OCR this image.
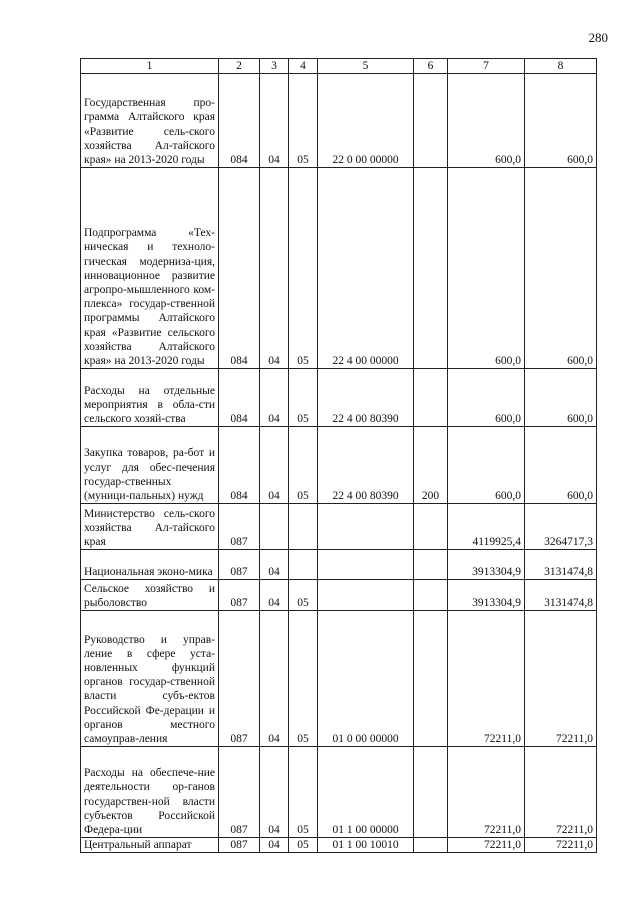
280
1	2	3	4	5	6	7	8
Государственная про-грамма Алтайского края «Развитие сель-ского хозяйства Ал-тайского края» на 2013-2020 годы	084	04	05	22 0 00 00000		600,0	600,0
Подпрограмма «Тех-ническая и техноло-гическая модерниза-ция, инновационное развитие агропро-мышленного ком-плекса» государ-ственной программы Алтайского края «Развитие сельского хозяйства Алтайского края» на 2013-2020 годы	084	04	05	22 4 00 00000		600,0	600,0
Расходы на отдельные мероприятия в обла-сти сельского хозяй-ства	084	04	05	22 4 00 80390		600,0	600,0
Закупка товаров, ра-бот и услуг для обес-печения государ-ственных (муници-пальных) нужд	084	04	05	22 4 00 80390	200	600,0	600,0
Министерство сель-ского хозяйства Ал-тайского края	087					4119925,4	3264717,3
Национальная эконо-мика	087	04				3913304,9	3131474,8
Сельское хозяйство и рыболовство	087	04	05			3913304,9	3131474,8
Руководство и управ-ление в сфере уста-новленных функций органов государ-ственной власти субъ-ектов Российской Фе-дерации и органов местного самоуправ-ления	087	04	05	01 0 00 00000		72211,0	72211,0
Расходы на обеспече-ние деятельности ор-ганов государствен-ной власти субъектов Российской Федера-ции	087	04	05	01 1 00 00000		72211,0	72211,0
Центральный аппарат	087	04	05	01 1 00 10010		72211,0	72211,0
